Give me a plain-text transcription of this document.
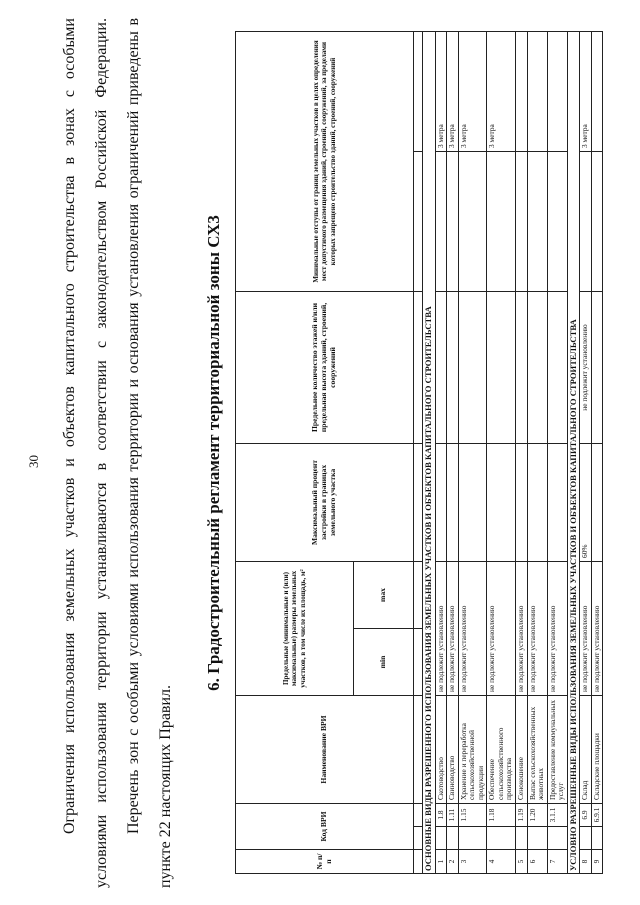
30	Ограничения использования земельных участков и объектов капитального строительства в зонах с особыми условиями использования территории устанавливаются в соответствии с законодательством Российской Федерации. Перечень зон с особыми условиями использования территории и основания установления ограничений приведены в пункте 22 настоящих Правил.
6. Градостроительный регламент территориальной зоны СХ3
№ п/п	Код ВРИ		Наименование ВРИ	Предельные (минимальные и (или) максимальные) размеры земельных участков, в том числе их площадь, м²		Максимальный процент застройки в границах земельного участка	Предельное количество этажей и/или предельная высота зданий, строений, сооружений	Минимальные отступы от границ земельных участков в целях определения мест допустимого размещения зданий, строений, сооружений, за пределами которых запрещено строительство зданий, строений, сооружений	
				min	max				

ОСНОВНЫЕ ВИДЫ РАЗРЕШЕННОГО ИСПОЛЬЗОВАНИЯ ЗЕМЕЛЬНЫХ УЧАСТКОВ И ОБЪЕКТОВ КАПИТАЛЬНОГО СТРОИТЕЛЬСТВА									
1		1.8	Скотоводство	не подлежит установлению					3 метра
2		1.11	Свиноводство	не подлежит установлению					3 метра
3		1.15	Хранение и переработка сельскохозяйственной продукции	не подлежит установлению					3 метра
4		1.18	Обеспечение сельскохозяйственного производства	не подлежит установлению					3 метра
5		1.19	Сенокошение	не подлежит установлению					
6		1.20	Выпас сельскохозяйственных животных	не подлежит установлению					
7		3.1.1	Предоставление коммунальных услуг	не подлежит установлению					
УСЛОВНО РАЗРЕШЕННЫЕ ВИДЫ ИСПОЛЬЗОВАНИЯ ЗЕМЕЛЬНЫХ УЧАСТКОВ И ОБЪЕКТОВ КАПИТАЛЬНОГО СТРОИТЕЛЬСТВА									
8		6.9	Склад	не подлежит установлению		60%	не подлежит установлению		3 метра
9		6.9.1	Складские площадки	не подлежит установлению					
